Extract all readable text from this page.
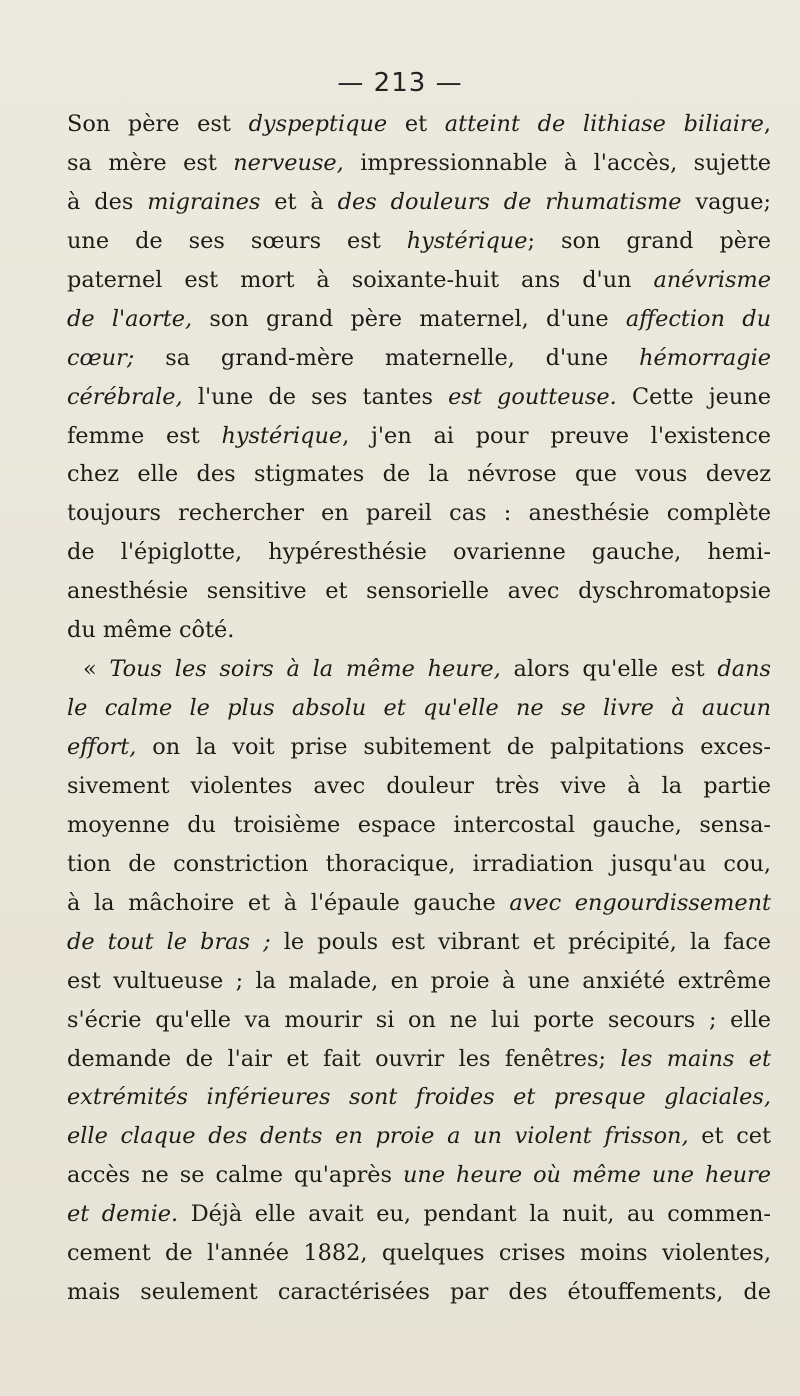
— 213 —
Son père est dyspeptique et atteint de lithiase biliaire,
sa mère est nerveuse, impressionnable à l'accès, sujette
à des migraines et à des douleurs de rhumatisme vague;
une de ses sœurs est hystérique; son grand père
paternel est mort à soixante-huit ans d'un anévrisme
de l'aorte, son grand père maternel, d'une affection du
cœur; sa grand-mère maternelle, d'une hémorragie
cérébrale, l'une de ses tantes est goutteuse. Cette jeune
femme est hystérique, j'en ai pour preuve l'existence
chez elle des stigmates de la névrose que vous devez
toujours rechercher en pareil cas : anesthésie complète
de l'épiglotte, hypéresthésie ovarienne gauche, hemi-
anesthésie sensitive et sensorielle avec dyschromatopsie
du même côté.
« Tous les soirs à la même heure, alors qu'elle est dans
le calme le plus absolu et qu'elle ne se livre à aucun
effort, on la voit prise subitement de palpitations exces-
sivement violentes avec douleur très vive à la partie
moyenne du troisième espace intercostal gauche, sensa-
tion de constriction thoracique, irradiation jusqu'au cou,
à la mâchoire et à l'épaule gauche avec engourdissement
de tout le bras ; le pouls est vibrant et précipité, la face
est vultueuse ; la malade, en proie à une anxiété extrême
s'écrie qu'elle va mourir si on ne lui porte secours ; elle
demande de l'air et fait ouvrir les fenêtres; les mains et
extrémités inférieures sont froides et presque glaciales,
elle claque des dents en proie a un violent frisson, et cet
accès ne se calme qu'après une heure où même une heure
et demie. Déjà elle avait eu, pendant la nuit, au commen-
cement de l'année 1882, quelques crises moins violentes,
mais seulement caractérisées par des étouffements, de
